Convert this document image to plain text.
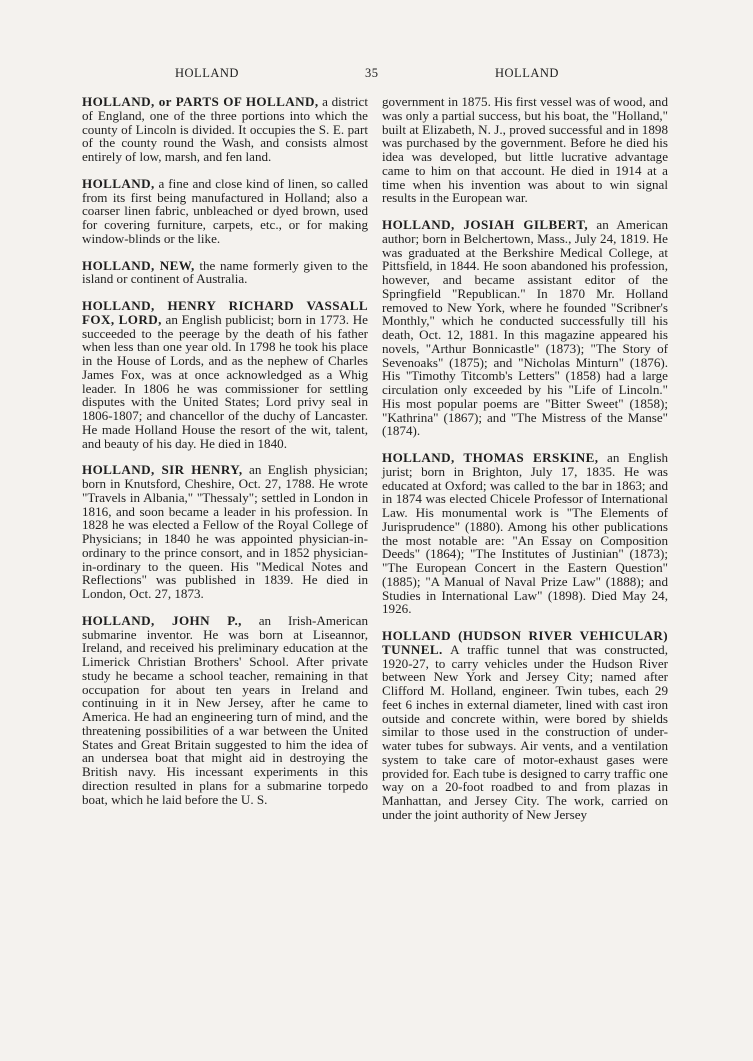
HOLLAND	35	HOLLAND

HOLLAND, or PARTS OF HOLLAND, a district of England, one of the three portions into which the county of Lincoln is divided. It occupies the S. E. part of the county round the Wash, and consists almost entirely of low, marsh, and fen land.

HOLLAND, a fine and close kind of linen, so called from its first being manufactured in Holland; also a coarser linen fabric, unbleached or dyed brown, used for covering furniture, carpets, etc., or for making window-blinds or the like.

HOLLAND, NEW, the name formerly given to the island or continent of Australia.

HOLLAND, HENRY RICHARD VASSALL FOX, LORD, an English publicist; born in 1773. He succeeded to the peerage by the death of his father when less than one year old. In 1798 he took his place in the House of Lords, and as the nephew of Charles James Fox, was at once acknowledged as a Whig leader. In 1806 he was commissioner for settling disputes with the United States; Lord privy seal in 1806-1807; and chancellor of the duchy of Lancaster. He made Holland House the resort of the wit, talent, and beauty of his day. He died in 1840.

HOLLAND, SIR HENRY, an English physician; born in Knutsford, Cheshire, Oct. 27, 1788. He wrote "Travels in Albania," "Thessaly"; settled in London in 1816, and soon became a leader in his profession. In 1828 he was elected a Fellow of the Royal College of Physicians; in 1840 he was appointed physician-in-ordinary to the prince consort, and in 1852 physician-in-ordinary to the queen. His "Medical Notes and Reflections" was published in 1839. He died in London, Oct. 27, 1873.

HOLLAND, JOHN P., an Irish-American submarine inventor. He was born at Liseannor, Ireland, and received his preliminary education at the Limerick Christian Brothers' School. After private study he became a school teacher, remaining in that occupation for about ten years in Ireland and continuing in it in New Jersey, after he came to America. He had an engineering turn of mind, and the threatening possibilities of a war between the United States and Great Britain suggested to him the idea of an undersea boat that might aid in destroying the British navy. His incessant experiments in this direction resulted in plans for a submarine torpedo boat, which he laid before the U. S.

government in 1875. His first vessel was of wood, and was only a partial success, but his boat, the "Holland," built at Elizabeth, N. J., proved successful and in 1898 was purchased by the government. Before he died his idea was developed, but little lucrative advantage came to him on that account. He died in 1914 at a time when his invention was about to win signal results in the European war.

HOLLAND, JOSIAH GILBERT, an American author; born in Belchertown, Mass., July 24, 1819. He was graduated at the Berkshire Medical College, at Pittsfield, in 1844. He soon abandoned his profession, however, and became assistant editor of the Springfield "Republican." In 1870 Mr. Holland removed to New York, where he founded "Scribner's Monthly," which he conducted successfully till his death, Oct. 12, 1881. In this magazine appeared his novels, "Arthur Bonnicastle" (1873); "The Story of Sevenoaks" (1875); and "Nicholas Minturn" (1876). His "Timothy Titcomb's Letters" (1858) had a large circulation only exceeded by his "Life of Lincoln." His most popular poems are "Bitter Sweet" (1858); "Kathrina" (1867); and "The Mistress of the Manse" (1874).

HOLLAND, THOMAS ERSKINE, an English jurist; born in Brighton, July 17, 1835. He was educated at Oxford; was called to the bar in 1863; and in 1874 was elected Chicele Professor of International Law. His monumental work is "The Elements of Jurisprudence" (1880). Among his other publications the most notable are: "An Essay on Composition Deeds" (1864); "The Institutes of Justinian" (1873); "The European Concert in the Eastern Question" (1885); "A Manual of Naval Prize Law" (1888); and Studies in International Law" (1898). Died May 24, 1926.

HOLLAND (HUDSON RIVER VEHICULAR) TUNNEL. A traffic tunnel that was constructed, 1920-27, to carry vehicles under the Hudson River between New York and Jersey City; named after Clifford M. Holland, engineer. Twin tubes, each 29 feet 6 inches in external diameter, lined with cast iron outside and concrete within, were bored by shields similar to those used in the construction of under-water tubes for subways. Air vents, and a ventilation system to take care of motor-exhaust gases were provided for. Each tube is designed to carry traffic one way on a 20-foot roadbed to and from plazas in Manhattan, and Jersey City. The work, carried on under the joint authority of New Jersey
